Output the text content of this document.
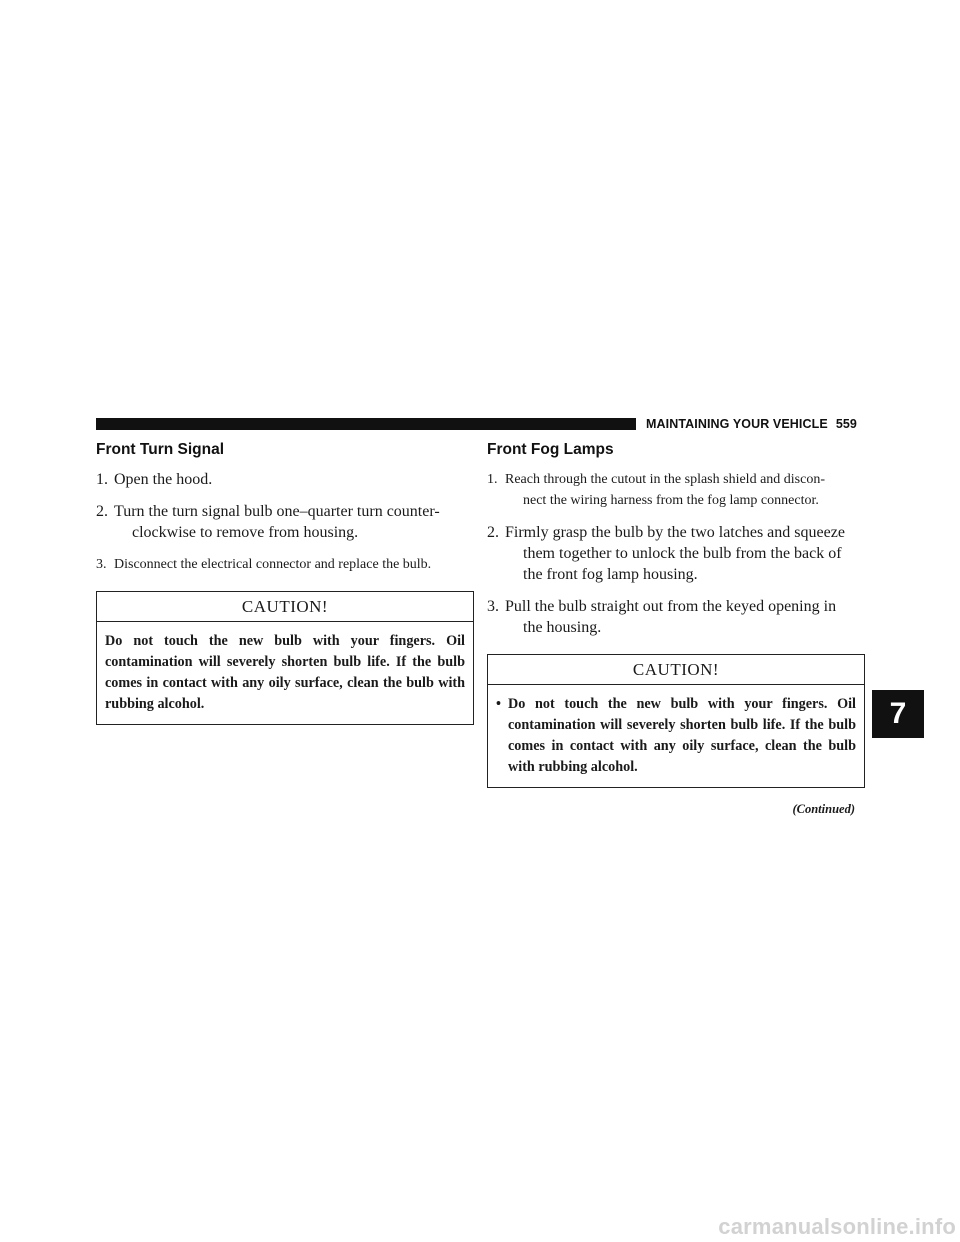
MAINTAINING YOUR VEHICLE 559
Front Turn Signal
1. Open the hood.
2. Turn the turn signal bulb one–quarter turn counter-
clockwise to remove from housing.
3. Disconnect the electrical connector and replace the bulb.
CAUTION!
Do not touch the new bulb with your fingers. Oil contamination will severely shorten bulb life. If the bulb comes in contact with any oily surface, clean the bulb with rubbing alcohol.
Front Fog Lamps
1. Reach through the cutout in the splash shield and discon-
nect the wiring harness from the fog lamp connector.
2. Firmly grasp the bulb by the two latches and squeeze
them together to unlock the bulb from the back of the front fog lamp housing.
3. Pull the bulb straight out from the keyed opening in
the housing.
CAUTION!
• Do not touch the new bulb with your fingers. Oil contamination will severely shorten bulb life. If the bulb comes in contact with any oily surface, clean the bulb with rubbing alcohol.
(Continued)
7
carmanualsonline.info
